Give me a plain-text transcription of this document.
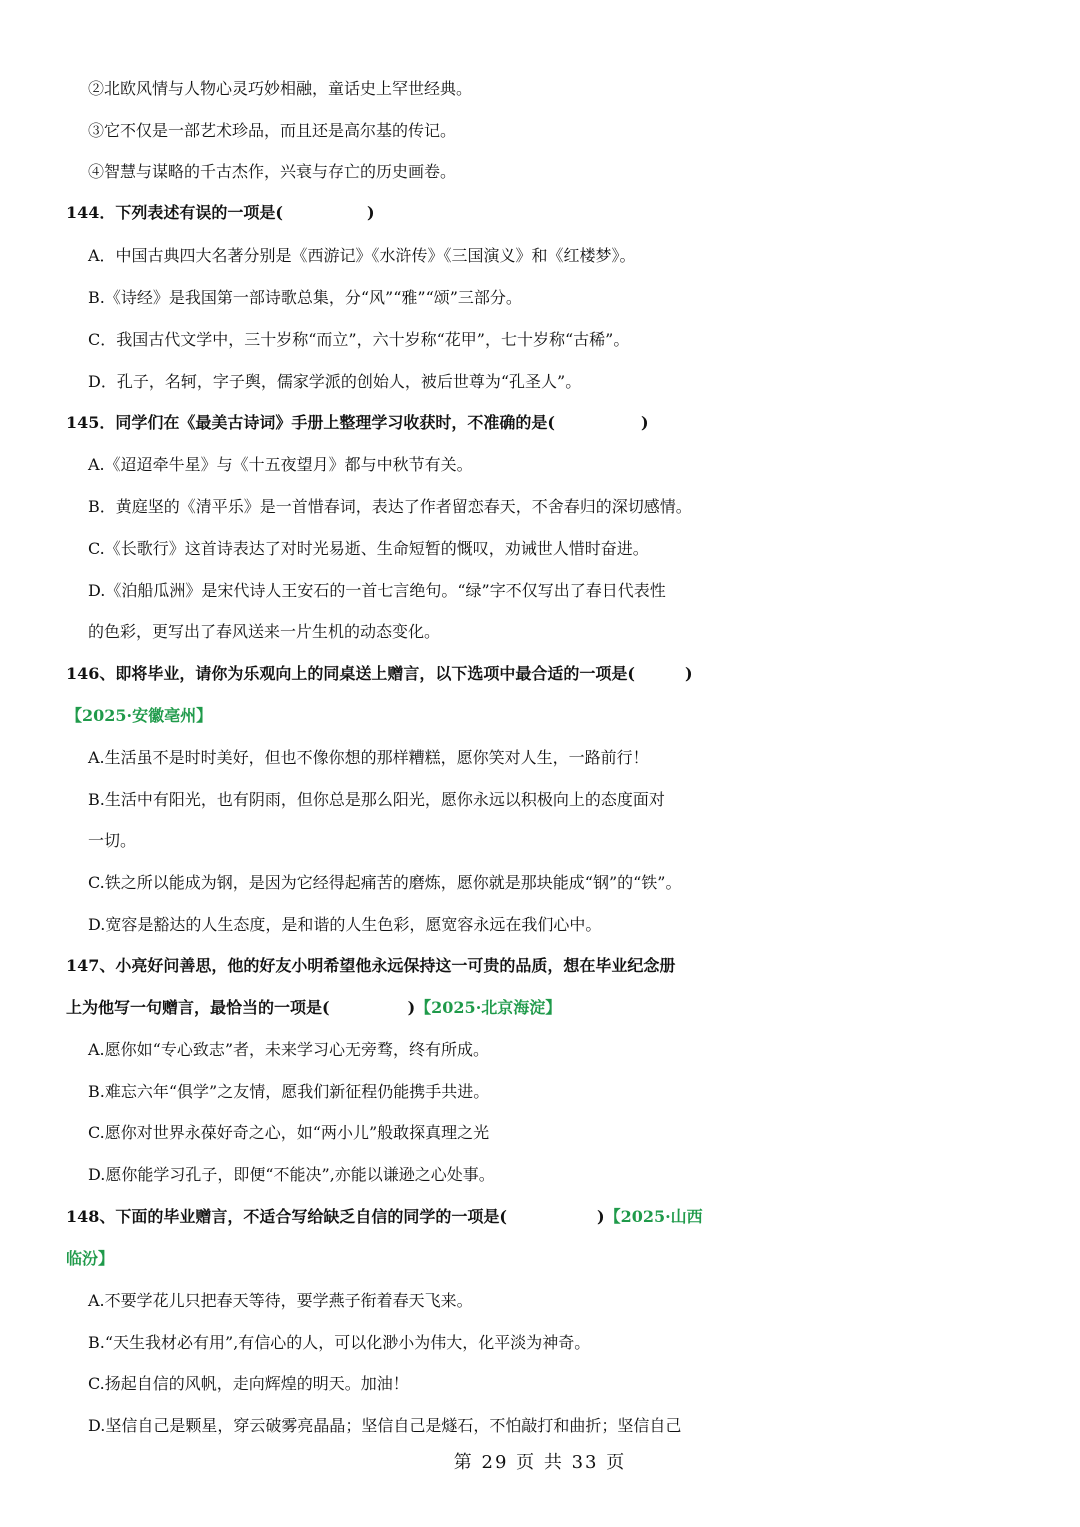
②北欧风情与人物心灵巧妙相融，童话史上罕世经典。
③它不仅是一部艺术珍品，而且还是高尔基的传记。
④智慧与谋略的千古杰作，兴衰与存亡的历史画卷。
144．下列表述有误的一项是(	)
A．中国古典四大名著分别是《西游记》《水浒传》《三国演义》和《红楼梦》。
B.《诗经》是我国第一部诗歌总集，分“风”“雅”“颂”三部分。
C．我国古代文学中，三十岁称“而立”，六十岁称“花甲”，七十岁称“古稀”。
D．孔子，名轲，字子舆，儒家学派的创始人，被后世尊为“孔圣人”。
145．同学们在《最美古诗词》手册上整理学习收获时，不准确的是(	)
A.《迢迢牵牛星》与《十五夜望月》都与中秋节有关。
B．黄庭坚的《清平乐》是一首惜春词，表达了作者留恋春天，不舍春归的深切感情。
C.《长歌行》这首诗表达了对时光易逝、生命短暂的慨叹，劝诫世人惜时奋进。
D.《泊船瓜洲》是宋代诗人王安石的一首七言绝句。“绿”字不仅写出了春日代表性
的色彩，更写出了春风送来一片生机的动态变化。
146、即将毕业，请你为乐观向上的同桌送上赠言，以下选项中最合适的一项是(	)
【2025·安徽亳州】
A.生活虽不是时时美好，但也不像你想的那样糟糕，愿你笑对人生，一路前行！
B.生活中有阳光，也有阴雨，但你总是那么阳光，愿你永远以积极向上的态度面对
一切。
C.铁之所以能成为钢，是因为它经得起痛苦的磨炼，愿你就是那块能成“钢”的“铁”。
D.宽容是豁达的人生态度，是和谐的人生色彩，愿宽容永远在我们心中。
147、小亮好问善思，他的好友小明希望他永远保持这一可贵的品质，想在毕业纪念册
上为他写一句赠言，最恰当的一项是(	)【2025·北京海淀】
A.愿你如“专心致志”者，未来学习心无旁骛，终有所成。
B.难忘六年“俱学”之友情，愿我们新征程仍能携手共进。
C.愿你对世界永葆好奇之心，如“两小儿”般敢探真理之光
D.愿你能学习孔子，即便“不能决”,亦能以谦逊之心处事。
148、下面的毕业赠言，不适合写给缺乏自信的同学的一项是(	)【2025·山西
临汾】
A.不要学花儿只把春天等待，要学燕子衔着春天飞来。
B.“天生我材必有用”,有信心的人，可以化渺小为伟大，化平淡为神奇。
C.扬起自信的风帆，走向辉煌的明天。加油！
D.坚信自己是颗星，穿云破雾亮晶晶；坚信自己是燧石，不怕敲打和曲折；坚信自己
第 29 页 共 33 页
